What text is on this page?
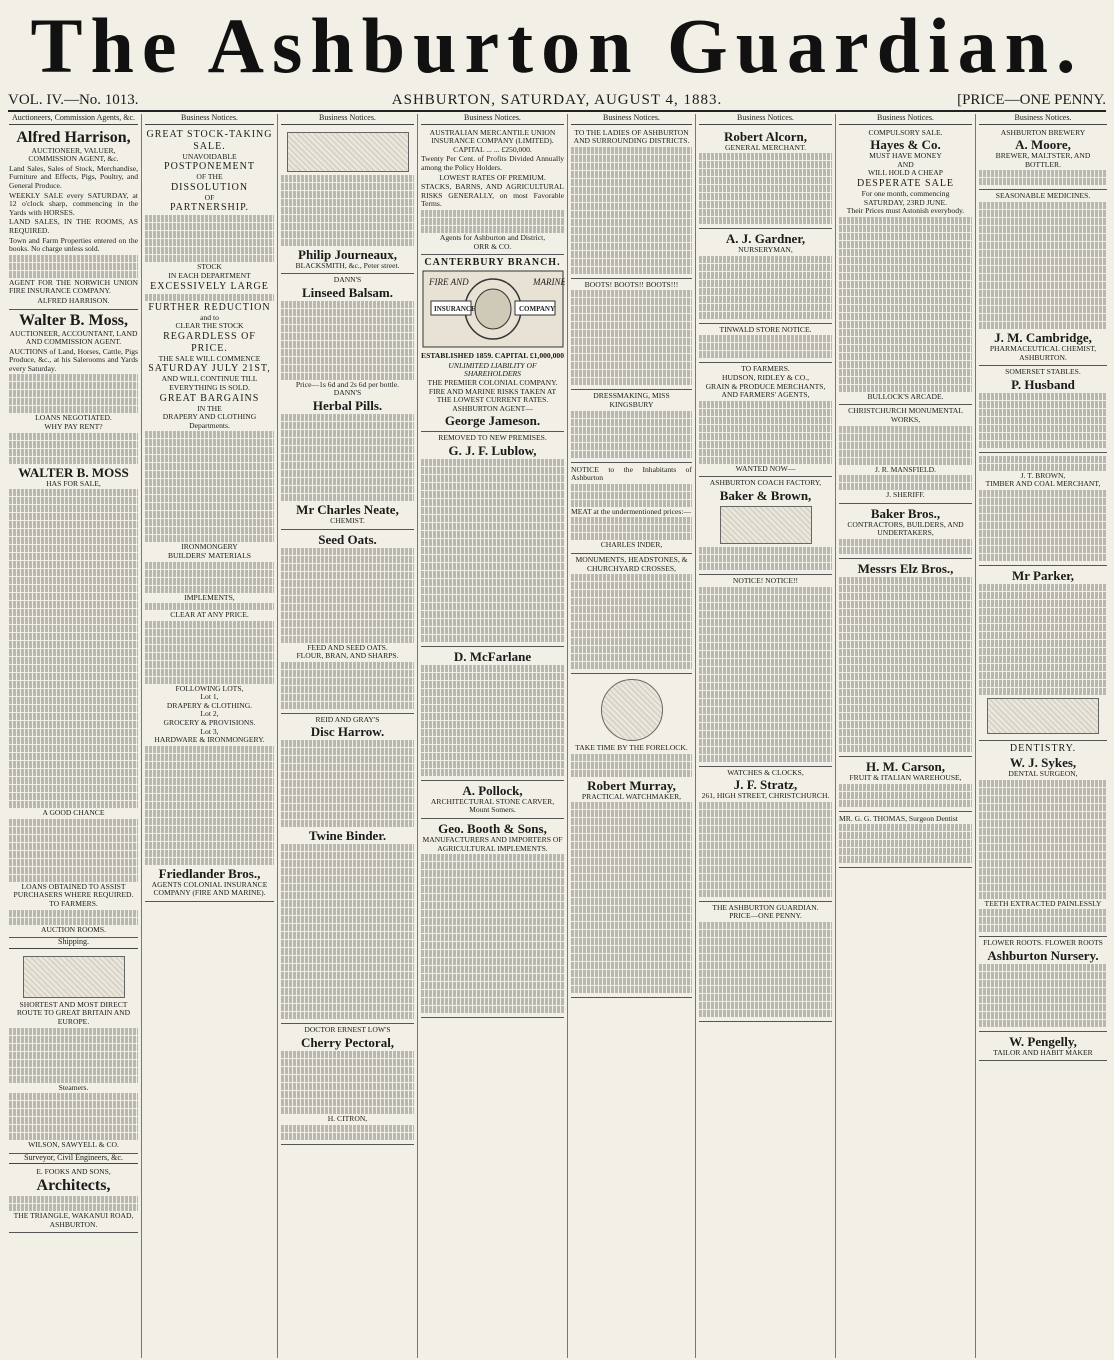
The Ashburton Guardian.
VOL. IV.—No. 1013.	ASHBURTON, SATURDAY, AUGUST 4, 1883.	[PRICE—ONE PENNY.
Auctioneers, Commission Agents, &c.
Alfred Harrison,
AUCTIONEER, VALUER, COMMISSION AGENT, &c.

Land Sales, Sales of Stock, Merchandise, Furniture and Effects, Pigs, Poultry, and General Produce.

WEEKLY SALE every SATURDAY, at 12 o'clock sharp, commencing in the Yards with HORSES.

LAND SALES, IN THE ROOMS, AS REQUIRED.

Town and Farm Properties entered on the books. No charge unless sold.

AGENT FOR THE NORWICH UNION FIRE INSURANCE COMPANY.

ALFRED HARRISON.
Walter B. Moss,
AUCTIONEER, ACCOUNTANT, LAND AND COMMISSION AGENT.

AUCTIONS of Land, Horses, Cattle, Pigs Produce, &c., at his Salerooms and Yards every Saturday.

LOANS NEGOTIATED.
WHY PAY RENT?
WALTER B. MOSS
HAS FOR SALE,
A GOOD CHANCE
LOANS OBTAINED TO ASSIST PURCHASERS WHERE REQUIRED.
TO FARMERS.
AUCTION ROOMS.
Shipping.
SHORTEST AND MOST DIRECT ROUTE TO GREAT BRITAIN AND EUROPE.
Steamers.
WILSON, SAWYELL & CO.
Surveyor, Civil Engineers, &c.
E. FOOKS AND SONS,
Architects,
THE TRIANGLE, WAKANUI ROAD, ASHBURTON.
Business Notices.
GREAT STOCK-TAKING SALE.
UNAVOIDABLE
POSTPONEMENT
OF THE
DISSOLUTION
OF
PARTNERSHIP.
STOCK
IN EACH DEPARTMENT
EXCESSIVELY LARGE
FURTHER REDUCTION
and to
CLEAR THE STOCK
REGARDLESS OF PRICE.
THE SALE WILL COMMENCE
SATURDAY JULY 21ST,
AND WILL CONTINUE TILL
EVERYTHING IS SOLD.
GREAT BARGAINS
IN THE
DRAPERY AND CLOTHING
Departments.
IRONMONGERY
BUILDERS' MATERIALS
IMPLEMENTS,
CLEAR AT ANY PRICE.
FOLLOWING LOTS,
Lot 1,
DRAPERY & CLOTHING.
Lot 2,
GROCERY & PROVISIONS.
Lot 3,
HARDWARE & IRONMONGERY.
Friedlander Bros.,
AGENTS COLONIAL INSURANCE COMPANY (FIRE AND MARINE).
Business Notices.
Philip Journeaux,
BLACKSMITH, &c., Peter street.
DANN'S
Linseed Balsam.
Price—1s 6d and 2s 6d per bottle.
DANN'S
Herbal Pills.
Mr Charles Neate,
CHEMIST.
Seed Oats.
FEED AND SEED OATS.
FLOUR, BRAN, AND SHARPS.
REID AND GRAY'S
Disc Harrow.
Twine Binder.
DOCTOR ERNEST LOW'S
Cherry Pectoral,
H. CITRON,
Business Notices.
AUSTRALIAN MERCANTILE UNION INSURANCE COMPANY (LIMITED).
CAPITAL ... ... £250,000.

Twenty Per Cent. of Profits Divided Annually among the Policy Holders.

LOWEST RATES OF PREMIUM.

STACKS, BARNS, AND AGRICULTURAL RISKS GENERALLY, on most Favorable Terms.

Agents for Ashburton and District,
ORR & CO.
CANTERBURY BRANCH.
FIRE AND	MARINE
INSURANCE	COMPANY
ESTABLISHED 1859. CAPITAL £1,000,000
UNLIMITED LIABILITY OF SHAREHOLDERS
THE PREMIER COLONIAL COMPANY.
FIRE AND MARINE RISKS TAKEN AT THE LOWEST CURRENT RATES.
ASHBURTON AGENT—
George Jameson.
REMOVED TO NEW PREMISES.
G. J. F. Lublow,
D. McFarlane
A. Pollock,
ARCHITECTURAL STONE CARVER, Mount Somers.
Geo. Booth & Sons,
MANUFACTURERS AND IMPORTERS OF AGRICULTURAL IMPLEMENTS.
Business Notices.
TO THE LADIES OF ASHBURTON AND SURROUNDING DISTRICTS.
BOOTS! BOOTS!! BOOTS!!!
DRESSMAKING, MISS KINGSBURY

NOTICE to the Inhabitants of Ashburton

MEAT at the undermentioned prices:—

CHARLES INDER,
MONUMENTS, HEADSTONES, & CHURCHYARD CROSSES,
TAKE TIME BY THE FORELOCK.
Robert Murray,
PRACTICAL WATCHMAKER,
Business Notices.
Robert Alcorn,
GENERAL MERCHANT.
A. J. Gardner,
NURSERYMAN,
TINWALD STORE NOTICE.
TO FARMERS.
HUDSON, RIDLEY & CO.,
GRAIN & PRODUCE MERCHANTS, AND FARMERS' AGENTS,
WANTED NOW—
ASHBURTON COACH FACTORY,
Baker & Brown,
NOTICE! NOTICE!!
WATCHES & CLOCKS,
J. F. Stratz,
261, HIGH STREET, CHRISTCHURCH.
THE ASHBURTON GUARDIAN.
PRICE—ONE PENNY.
Business Notices.
COMPULSORY SALE.
Hayes & Co.
MUST HAVE MONEY
AND
WILL HOLD A CHEAP
DESPERATE SALE
For one month, commencing
SATURDAY, 23RD JUNE.
Their Prices must Astonish everybody.
BULLOCK'S ARCADE.
CHRISTCHURCH MONUMENTAL WORKS,
J. R. MANSFIELD.
J. SHERIFF.
Baker Bros.,
CONTRACTORS, BUILDERS, AND UNDERTAKERS,
Messrs Elz Bros.,
H. M. Carson,
FRUIT & ITALIAN WAREHOUSE,

MR. G. G. THOMAS, Surgeon Dentist

Business Notices.
ASHBURTON BREWERY
A. Moore,
BREWER, MALTSTER, AND BOTTLER.
SEASONABLE MEDICINES.
J. M. Cambridge,
PHARMACEUTICAL CHEMIST, ASHBURTON.
SOMERSET STABLES.
P. Husband
J. T. BROWN,
TIMBER AND COAL MERCHANT,
Mr Parker,
DENTISTRY.
W. J. Sykes,
DENTAL SURGEON,
TEETH EXTRACTED PAINLESSLY
FLOWER ROOTS. FLOWER ROOTS
Ashburton Nursery.
W. Pengelly,
TAILOR AND HABIT MAKER
